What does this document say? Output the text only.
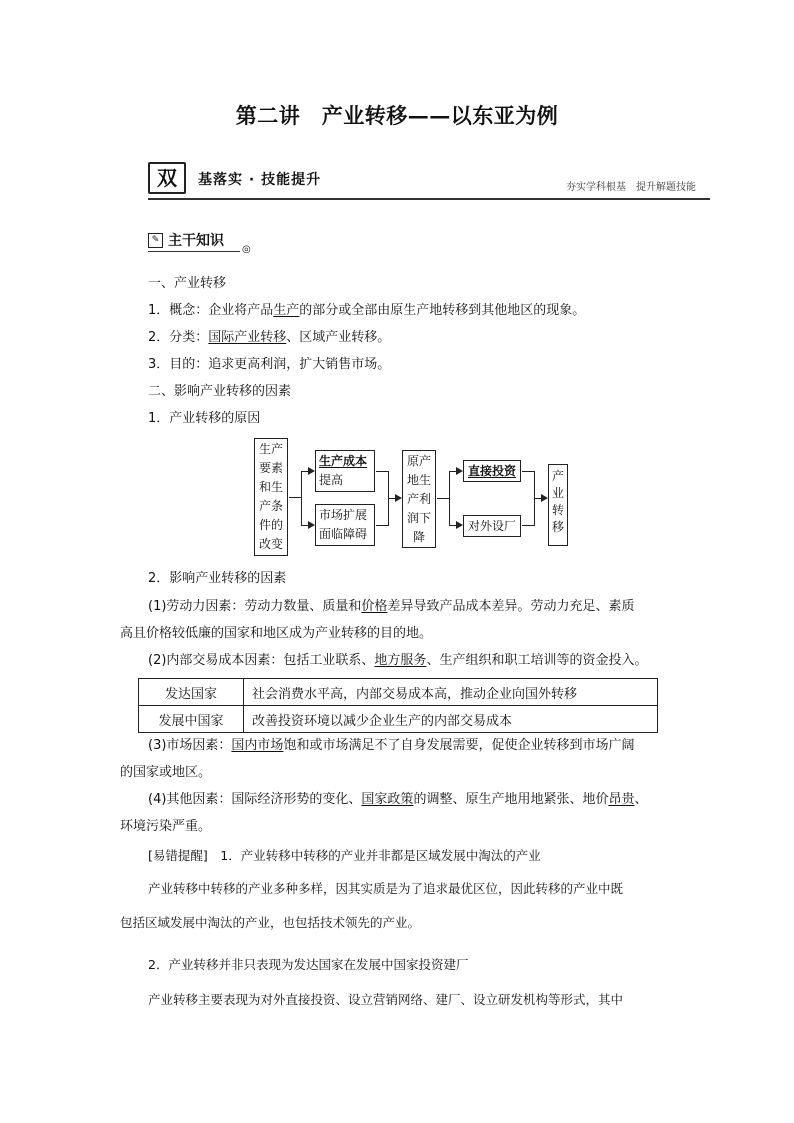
第二讲　产业转移——以东亚为例
双	基落实 · 技能提升	夯实学科根基　提升解题技能
✎ 主干知识
◎
一、产业转移
1．概念：企业将产品生产的部分或全部由原生产地转移到其他地区的现象。
2．分类：国际产业转移、区域产业转移。
3．目的：追求更高利润，扩大销售市场。
二、影响产业转移的因素
1．产业转移的原因
生产要素和生产条件的改变
生产成本
提高
市场扩展
面临障碍
原产地生产利润下降
直接投资
对外设厂
产业转移
2．影响产业转移的因素
(1)劳动力因素：劳动力数量、质量和价格差异导致产品成本差异。劳动力充足、素质
高且价格较低廉的国家和地区成为产业转移的目的地。
(2)内部交易成本因素：包括工业联系、地方服务、生产组织和职工培训等的资金投入。
发达国家	社会消费水平高，内部交易成本高，推动企业向国外转移
发展中国家	改善投资环境以减少企业生产的内部交易成本
(3)市场因素：国内市场饱和或市场满足不了自身发展需要，促使企业转移到市场广阔
的国家或地区。
(4)其他因素：国际经济形势的变化、国家政策的调整、原生产地用地紧张、地价昂贵、
环境污染严重。
[易错提醒]　1．产业转移中转移的产业并非都是区域发展中淘汰的产业
产业转移中转移的产业多种多样，因其实质是为了追求最优区位，因此转移的产业中既
包括区域发展中淘汰的产业，也包括技术领先的产业。
2．产业转移并非只表现为发达国家在发展中国家投资建厂
产业转移主要表现为对外直接投资、设立营销网络、建厂、设立研发机构等形式，其中
